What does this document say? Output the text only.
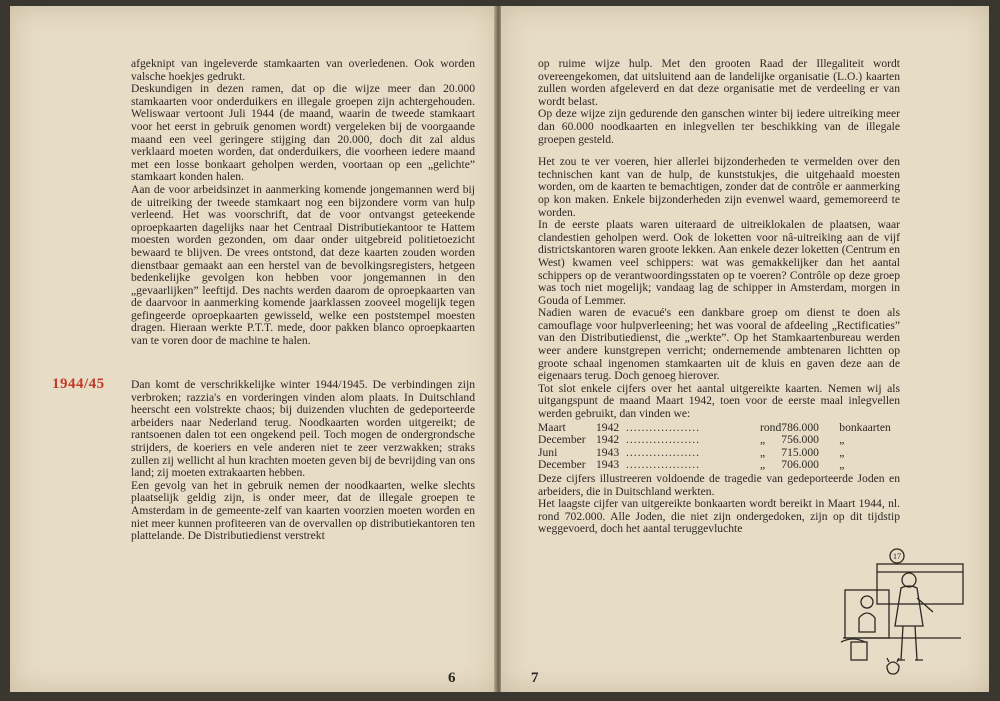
afgeknipt van ingeleverde stamkaarten van overledenen. Ook worden valsche hoekjes gedrukt.

Deskundigen in dezen ramen, dat op die wijze meer dan 20.000 stamkaarten voor onderduikers en illegale groepen zijn achtergehouden. Weliswaar vertoont Juli 1944 (de maand, waarin de tweede stamkaart voor het eerst in gebruik genomen wordt) vergeleken bij de voorgaande maand een veel geringere stijging dan 20.000, doch dit zal aldus verklaard moeten worden, dat onderduikers, die voorheen iedere maand met een losse bonkaart geholpen werden, voortaan op een „gelichte” stamkaart konden halen.

Aan de voor arbeidsinzet in aanmerking komende jongemannen werd bij de uitreiking der tweede stamkaart nog een bijzondere vorm van hulp verleend. Het was voorschrift, dat de voor ontvangst geteekende oproepkaarten dagelijks naar het Centraal Distributiekantoor te Hattem moesten worden gezonden, om daar onder uitgebreid politietoezicht bewaard te blijven. De vrees ontstond, dat deze kaarten zouden worden dienstbaar gemaakt aan een herstel van de bevolkingsregisters, hetgeen bedenkelijke gevolgen kon hebben voor jongemannen in den „gevaarlijken” leeftijd. Des nachts werden daarom de oproepkaarten van de daarvoor in aanmerking komende jaarklassen zooveel mogelijk tegen gefingeerde oproepkaarten gewisseld, welke een poststempel moesten dragen. Hieraan werkte P.T.T. mede, door pakken blanco oproepkaarten van te voren door de machine te halen.

1944/45 Dan komt de verschrikkelijke winter 1944/1945. De verbindingen zijn verbroken; razzia's en vorderingen vinden alom plaats. In Duitschland heerscht een volstrekte chaos; bij duizenden vluchten de gedeporteerde arbeiders naar Nederland terug. Noodkaarten worden uitgereikt; de rantsoenen dalen tot een ongekend peil. Toch mogen de ondergrondsche strijders, de koeriers en vele anderen niet te zeer verzwakken; straks zullen zij wellicht al hun krachten moeten geven bij de bevrijding van ons land; zij moeten extrakaarten hebben.

Een gevolg van het in gebruik nemen der noodkaarten, welke slechts plaatselijk geldig zijn, is onder meer, dat de illegale groepen te Amsterdam in de gemeente-zelf van kaarten voorzien moeten worden en niet meer kunnen profiteeren van de overvallen op distributiekantoren ten plattelande. De Distributiedienst verstrekt

6

op ruime wijze hulp. Met den grooten Raad der Illegaliteit wordt overeengekomen, dat uitsluitend aan de landelijke organisatie (L.O.) kaarten zullen worden afgeleverd en dat deze organisatie met de verdeeling er van wordt belast.

Op deze wijze zijn gedurende den ganschen winter bij iedere uitreiking meer dan 60.000 noodkaarten en inlegvellen ter beschikking van de illegale groepen gesteld.

Het zou te ver voeren, hier allerlei bijzonderheden te vermelden over den technischen kant van de hulp, de kunststukjes, die uitgehaald moesten worden, om de kaarten te bemachtigen, zonder dat de contrôle er aanmerking op kon maken. Enkele bijzonderheden zijn evenwel waard, gememoreerd te worden.

In de eerste plaats waren uiteraard de uitreiklokalen de plaatsen, waar clandestien geholpen werd. Ook de loketten voor nâ-uitreiking aan de vijf districtskantoren waren groote lekken. Aan enkele dezer loketten (Centrum en West) kwamen veel schippers: wat was gemakkelijker dan het aantal schippers op de verantwoordingsstaten op te voeren? Contrôle op deze groep was toch niet mogelijk; vandaag lag de schipper in Amsterdam, morgen in Gouda of Lemmer.

Nadien waren de evacué's een dankbare groep om dienst te doen als camouflage voor hulpverleening; het was vooral de afdeeling „Rectificaties” van den Distributiedienst, die „werkte”. Op het Stamkaartenbureau werden weer andere kunstgrepen verricht; ondernemende ambtenaren lichtten op groote schaal ingenomen stamkaarten uit de kluis en gaven deze aan de eigenaars terug. Doch genoeg hierover.

Tot slot enkele cijfers over het aantal uitgereikte kaarten. Nemen wij als uitgangspunt de maand Maart 1942, toen voor de eerste maal inlegvellen werden gebruikt, dan vinden we:

Maart	1942	...................	rond	786.000	bonkaarten
December	1942	...................	„	756.000	„
Juni	1943	...................	„	715.000	„
December	1943	...................	„	706.000	„

Deze cijfers illustreeren voldoende de tragedie van gedeporteerde Joden en arbeiders, die in Duitschland werkten.

Het laagste cijfer van uitgereikte bonkaarten wordt bereikt in Maart 1944, nl. rond 702.000. Alle Joden, die niet zijn ondergedoken, zijn op dit tijdstip weggevoerd, doch het aantal teruggevluchte

17
7
